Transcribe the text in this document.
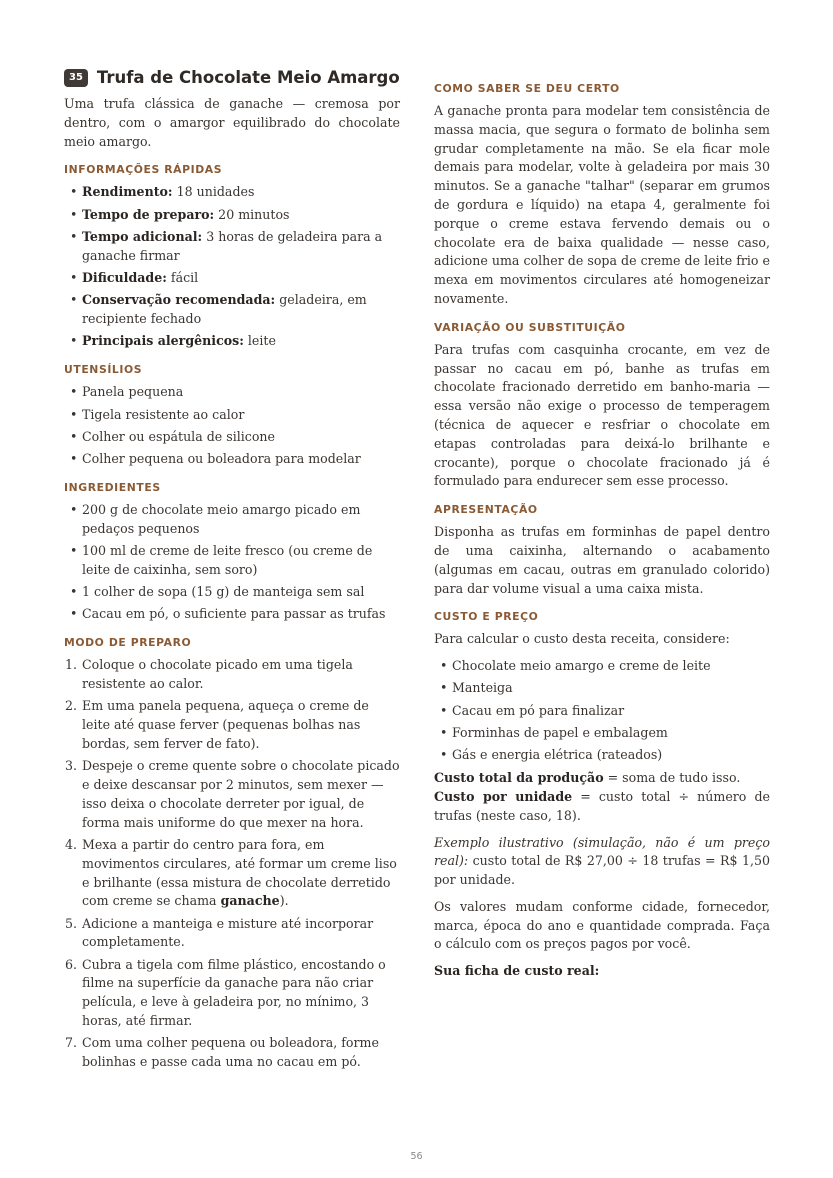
35 Trufa de Chocolate Meio Amargo

Uma trufa clássica de ganache — cremosa por dentro, com o amargor equilibrado do chocolate meio amargo.

INFORMAÇÕES RÁPIDAS
• Rendimento: 18 unidades
• Tempo de preparo: 20 minutos
• Tempo adicional: 3 horas de geladeira para a ganache firmar
• Dificuldade: fácil
• Conservação recomendada: geladeira, em recipiente fechado
• Principais alergênicos: leite
UTENSÍLIOS
• Panela pequena
• Tigela resistente ao calor
• Colher ou espátula de silicone
• Colher pequena ou boleadora para modelar
INGREDIENTES
• 200 g de chocolate meio amargo picado em pedaços pequenos
• 100 ml de creme de leite fresco (ou creme de leite de caixinha, sem soro)
• 1 colher de sopa (15 g) de manteiga sem sal
• Cacau em pó, o suficiente para passar as trufas
MODO DE PREPARO
1. Coloque o chocolate picado em uma tigela resistente ao calor.
2. Em uma panela pequena, aqueça o creme de leite até quase ferver (pequenas bolhas nas bordas, sem ferver de fato).
3. Despeje o creme quente sobre o chocolate picado e deixe descansar por 2 minutos, sem mexer — isso deixa o chocolate derreter por igual, de forma mais uniforme do que mexer na hora.
4. Mexa a partir do centro para fora, em movimentos circulares, até formar um creme liso e brilhante (essa mistura de chocolate derretido com creme se chama ganache).
5. Adicione a manteiga e misture até incorporar completamente.
6. Cubra a tigela com filme plástico, encostando o filme na superfície da ganache para não criar película, e leve à geladeira por, no mínimo, 3 horas, até firmar.
7. Com uma colher pequena ou boleadora, forme bolinhas e passe cada uma no cacau em pó.
COMO SABER SE DEU CERTO

A ganache pronta para modelar tem consistência de massa macia, que segura o formato de bolinha sem grudar completamente na mão. Se ela ficar mole demais para modelar, volte à geladeira por mais 30 minutos. Se a ganache "talhar" (separar em grumos de gordura e líquido) na etapa 4, geralmente foi porque o creme estava fervendo demais ou o chocolate era de baixa qualidade — nesse caso, adicione uma colher de sopa de creme de leite frio e mexa em movimentos circulares até homogeneizar novamente.

VARIAÇÃO OU SUBSTITUIÇÃO

Para trufas com casquinha crocante, em vez de passar no cacau em pó, banhe as trufas em chocolate fracionado derretido em banho-maria — essa versão não exige o processo de temperagem (técnica de aquecer e resfriar o chocolate em etapas controladas para deixá-lo brilhante e crocante), porque o chocolate fracionado já é formulado para endurecer sem esse processo.

APRESENTAÇÃO

Disponha as trufas em forminhas de papel dentro de uma caixinha, alternando o acabamento (algumas em cacau, outras em granulado colorido) para dar volume visual a uma caixa mista.

CUSTO E PREÇO

Para calcular o custo desta receita, considere:

• Chocolate meio amargo e creme de leite
• Manteiga
• Cacau em pó para finalizar
• Forminhas de papel e embalagem
• Gás e energia elétrica (rateados)

Custo total da produção = soma de tudo isso.
Custo por unidade = custo total ÷ número de trufas (neste caso, 18).

Exemplo ilustrativo (simulação, não é um preço real): custo total de R$ 27,00 ÷ 18 trufas = R$ 1,50 por unidade.

Os valores mudam conforme cidade, fornecedor, marca, época do ano e quantidade comprada. Faça o cálculo com os preços pagos por você.

Sua ficha de custo real:

56
